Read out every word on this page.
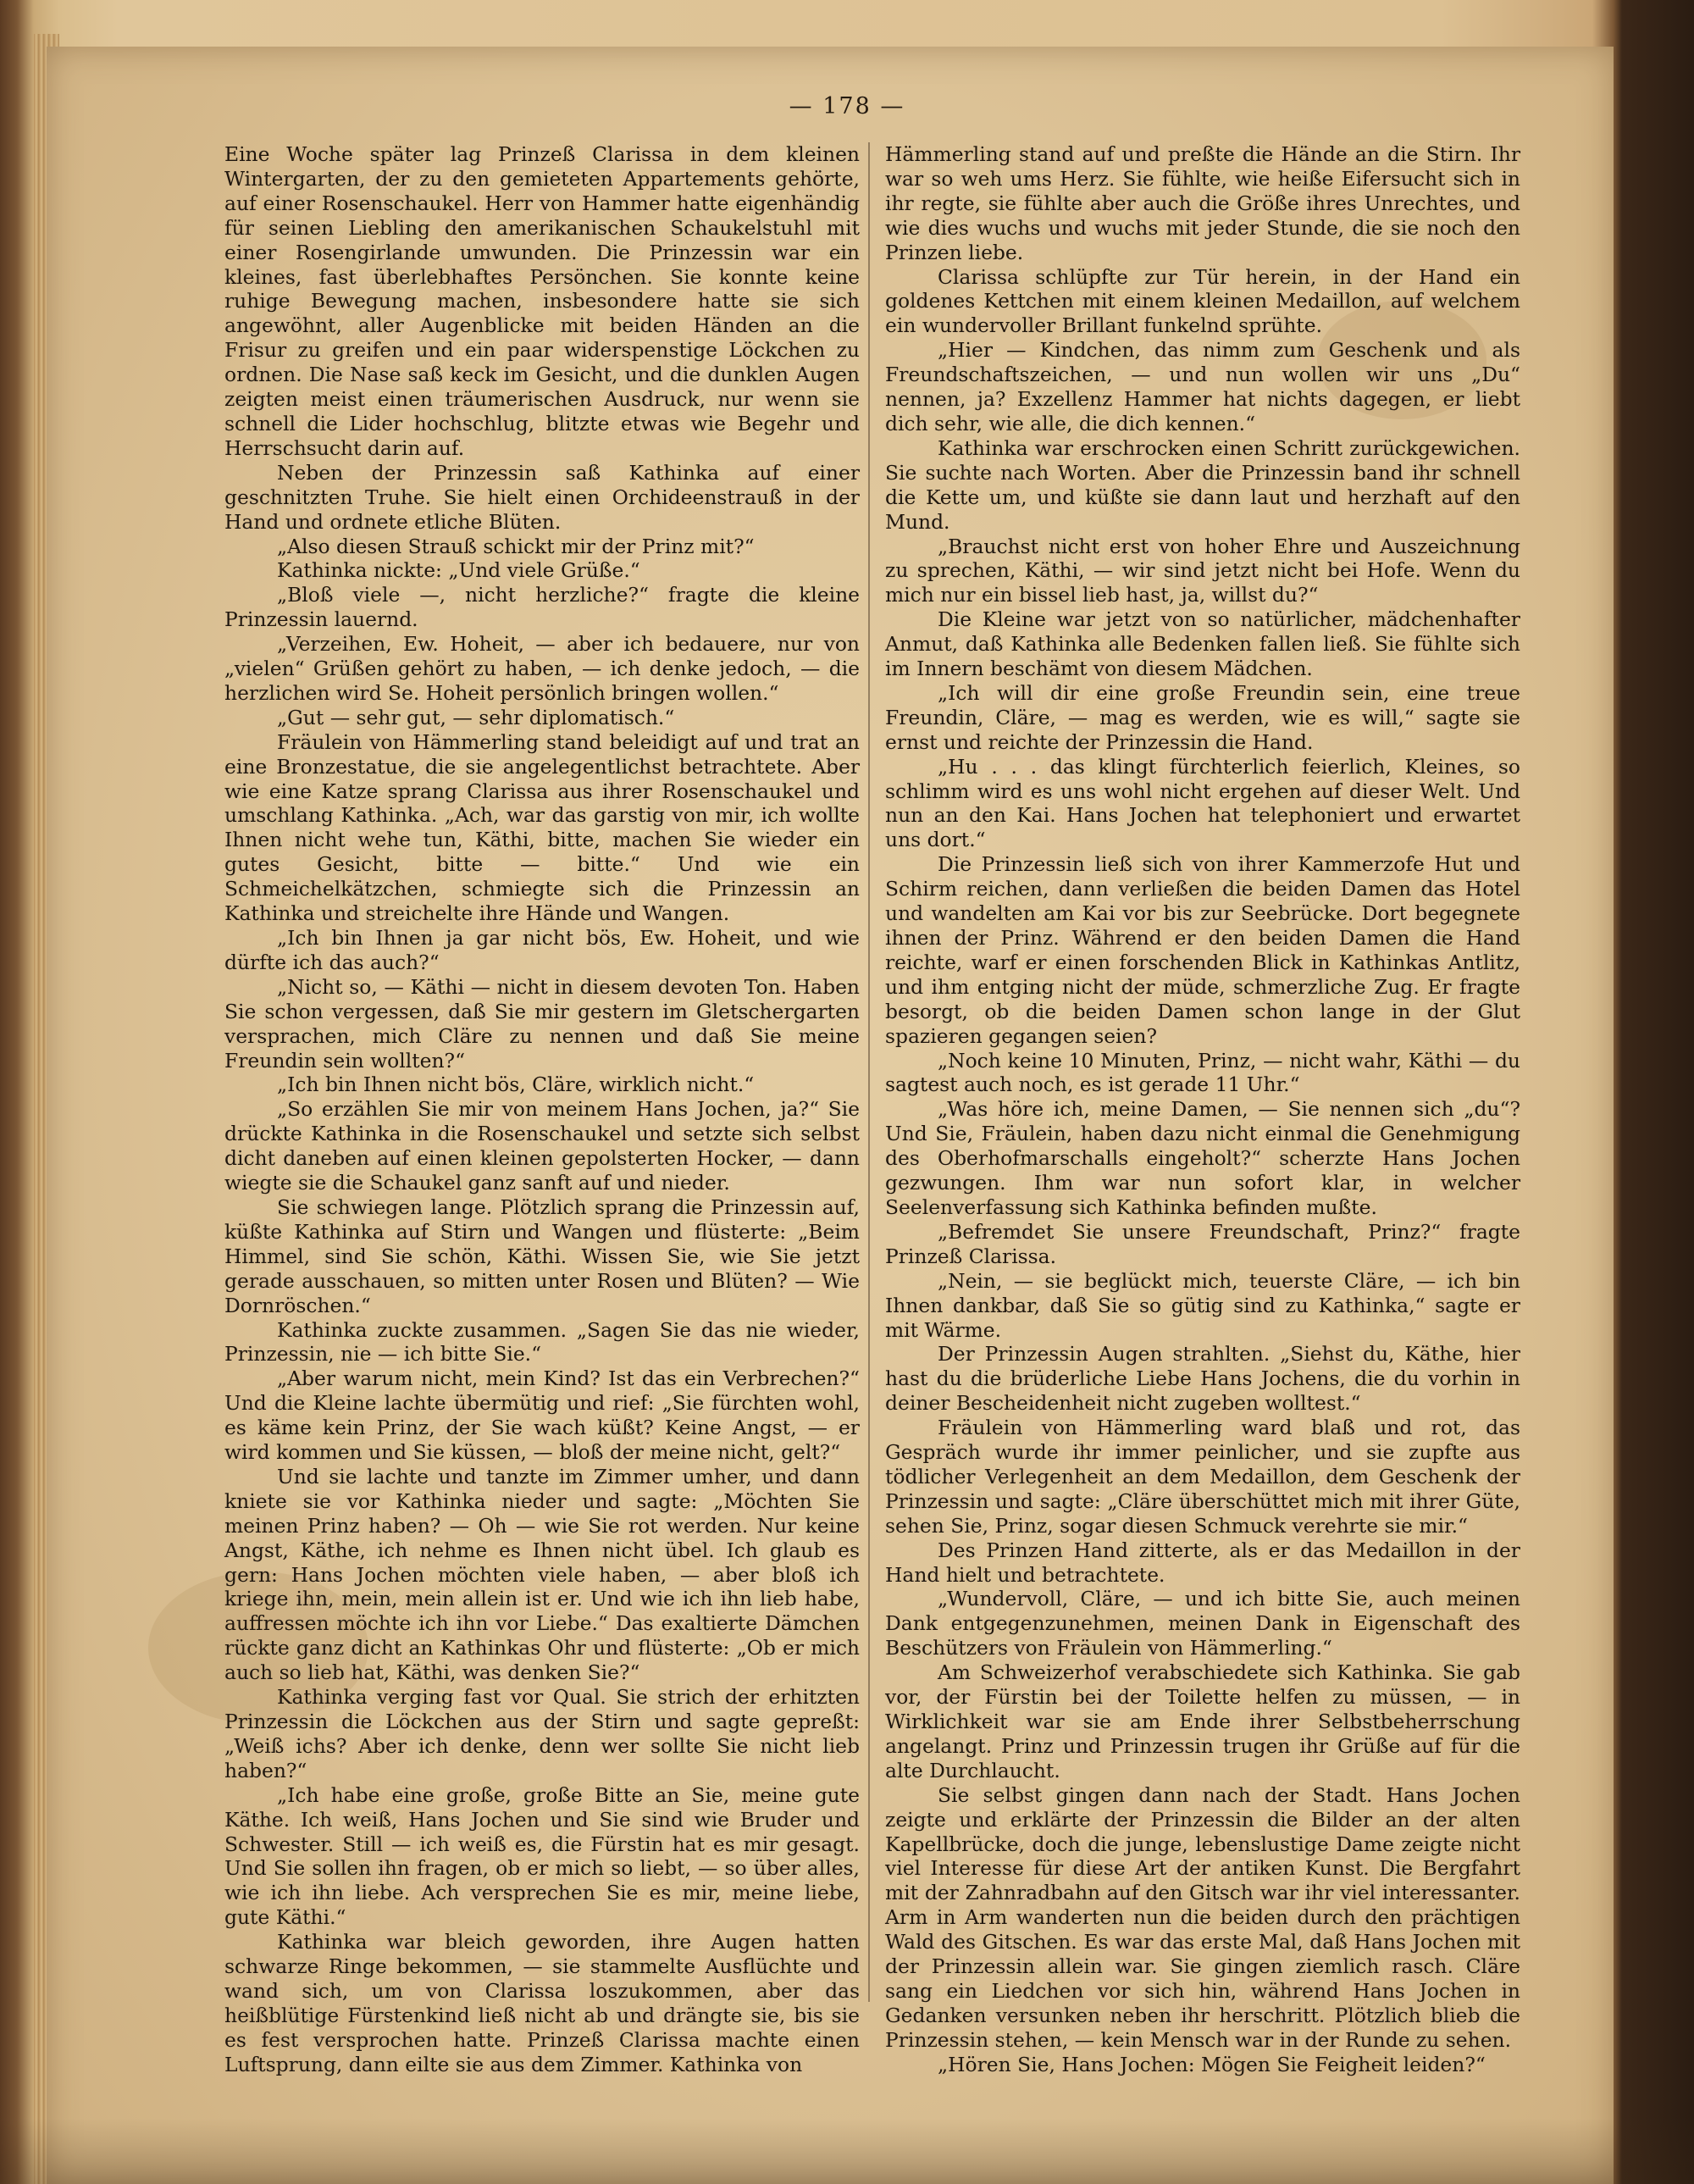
— 178 —

Eine Woche später lag Prinzeß Clarissa in dem kleinen Wintergarten, der zu den gemieteten Appartements gehörte, auf einer Rosenschaukel. Herr von Hammer hatte eigenhändig für seinen Liebling den amerikanischen Schaukelstuhl mit einer Rosengirlande umwunden. Die Prinzessin war ein kleines, fast überlebhaftes Persönchen. Sie konnte keine ruhige Bewegung machen, insbesondere hatte sie sich angewöhnt, aller Augenblicke mit beiden Händen an die Frisur zu greifen und ein paar widerspenstige Löckchen zu ordnen. Die Nase saß keck im Gesicht, und die dunklen Augen zeigten meist einen träumerischen Ausdruck, nur wenn sie schnell die Lider hochschlug, blitzte etwas wie Begehr und Herrschsucht darin auf.

Neben der Prinzessin saß Kathinka auf einer geschnitzten Truhe. Sie hielt einen Orchideenstrauß in der Hand und ordnete etliche Blüten.

„Also diesen Strauß schickt mir der Prinz mit?“

Kathinka nickte: „Und viele Grüße.“

„Bloß viele —, nicht herzliche?“ fragte die kleine Prinzessin lauernd.

„Verzeihen, Ew. Hoheit, — aber ich bedauere, nur von „vielen“ Grüßen gehört zu haben, — ich denke jedoch, — die herzlichen wird Se. Hoheit persönlich bringen wollen.“

„Gut — sehr gut, — sehr diplomatisch.“

Fräulein von Hämmerling stand beleidigt auf und trat an eine Bronzestatue, die sie angelegentlichst betrachtete. Aber wie eine Katze sprang Clarissa aus ihrer Rosenschaukel und umschlang Kathinka. „Ach, war das garstig von mir, ich wollte Ihnen nicht wehe tun, Käthi, bitte, machen Sie wieder ein gutes Gesicht, bitte — bitte.“ Und wie ein Schmeichelkätzchen, schmiegte sich die Prinzessin an Kathinka und streichelte ihre Hände und Wangen.

„Ich bin Ihnen ja gar nicht bös, Ew. Hoheit, und wie dürfte ich das auch?“

„Nicht so, — Käthi — nicht in diesem devoten Ton. Haben Sie schon vergessen, daß Sie mir gestern im Gletschergarten versprachen, mich Cläre zu nennen und daß Sie meine Freundin sein wollten?“

„Ich bin Ihnen nicht bös, Cläre, wirklich nicht.“

„So erzählen Sie mir von meinem Hans Jochen, ja?“ Sie drückte Kathinka in die Rosenschaukel und setzte sich selbst dicht daneben auf einen kleinen gepolsterten Hocker, — dann wiegte sie die Schaukel ganz sanft auf und nieder.

Sie schwiegen lange. Plötzlich sprang die Prinzessin auf, küßte Kathinka auf Stirn und Wangen und flüsterte: „Beim Himmel, sind Sie schön, Käthi. Wissen Sie, wie Sie jetzt gerade ausschauen, so mitten unter Rosen und Blüten? — Wie Dornröschen.“

Kathinka zuckte zusammen. „Sagen Sie das nie wieder, Prinzessin, nie — ich bitte Sie.“

„Aber warum nicht, mein Kind? Ist das ein Verbrechen?“ Und die Kleine lachte übermütig und rief: „Sie fürchten wohl, es käme kein Prinz, der Sie wach küßt? Keine Angst, — er wird kommen und Sie küssen, — bloß der meine nicht, gelt?“

Und sie lachte und tanzte im Zimmer umher, und dann kniete sie vor Kathinka nieder und sagte: „Möchten Sie meinen Prinz haben? — Oh — wie Sie rot werden. Nur keine Angst, Käthe, ich nehme es Ihnen nicht übel. Ich glaub es gern: Hans Jochen möchten viele haben, — aber bloß ich kriege ihn, mein, mein allein ist er. Und wie ich ihn lieb habe, auffressen möchte ich ihn vor Liebe.“ Das exaltierte Dämchen rückte ganz dicht an Kathinkas Ohr und flüsterte: „Ob er mich auch so lieb hat, Käthi, was denken Sie?“

Kathinka verging fast vor Qual. Sie strich der erhitzten Prinzessin die Löckchen aus der Stirn und sagte gepreßt: „Weiß ichs? Aber ich denke, denn wer sollte Sie nicht lieb haben?“

„Ich habe eine große, große Bitte an Sie, meine gute Käthe. Ich weiß, Hans Jochen und Sie sind wie Bruder und Schwester. Still — ich weiß es, die Fürstin hat es mir gesagt. Und Sie sollen ihn fragen, ob er mich so liebt, — so über alles, wie ich ihn liebe. Ach versprechen Sie es mir, meine liebe, gute Käthi.“

Kathinka war bleich geworden, ihre Augen hatten schwarze Ringe bekommen, — sie stammelte Ausflüchte und wand sich, um von Clarissa loszukommen, aber das heißblütige Fürstenkind ließ nicht ab und drängte sie, bis sie es fest versprochen hatte. Prinzeß Clarissa machte einen Luftsprung, dann eilte sie aus dem Zimmer. Kathinka von

Hämmerling stand auf und preßte die Hände an die Stirn. Ihr war so weh ums Herz. Sie fühlte, wie heiße Eifersucht sich in ihr regte, sie fühlte aber auch die Größe ihres Unrechtes, und wie dies wuchs und wuchs mit jeder Stunde, die sie noch den Prinzen liebe.

Clarissa schlüpfte zur Tür herein, in der Hand ein goldenes Kettchen mit einem kleinen Medaillon, auf welchem ein wundervoller Brillant funkelnd sprühte.

„Hier — Kindchen, das nimm zum Geschenk und als Freundschaftszeichen, — und nun wollen wir uns „Du“ nennen, ja? Exzellenz Hammer hat nichts dagegen, er liebt dich sehr, wie alle, die dich kennen.“

Kathinka war erschrocken einen Schritt zurückgewichen. Sie suchte nach Worten. Aber die Prinzessin band ihr schnell die Kette um, und küßte sie dann laut und herzhaft auf den Mund.

„Brauchst nicht erst von hoher Ehre und Auszeichnung zu sprechen, Käthi, — wir sind jetzt nicht bei Hofe. Wenn du mich nur ein bissel lieb hast, ja, willst du?“

Die Kleine war jetzt von so natürlicher, mädchenhafter Anmut, daß Kathinka alle Bedenken fallen ließ. Sie fühlte sich im Innern beschämt von diesem Mädchen.

„Ich will dir eine große Freundin sein, eine treue Freundin, Cläre, — mag es werden, wie es will,“ sagte sie ernst und reichte der Prinzessin die Hand.

„Hu . . . das klingt fürchterlich feierlich, Kleines, so schlimm wird es uns wohl nicht ergehen auf dieser Welt. Und nun an den Kai. Hans Jochen hat telephoniert und erwartet uns dort.“

Die Prinzessin ließ sich von ihrer Kammerzofe Hut und Schirm reichen, dann verließen die beiden Damen das Hotel und wandelten am Kai vor bis zur Seebrücke. Dort begegnete ihnen der Prinz. Während er den beiden Damen die Hand reichte, warf er einen forschenden Blick in Kathinkas Antlitz, und ihm entging nicht der müde, schmerzliche Zug. Er fragte besorgt, ob die beiden Damen schon lange in der Glut spazieren gegangen seien?

„Noch keine 10 Minuten, Prinz, — nicht wahr, Käthi — du sagtest auch noch, es ist gerade 11 Uhr.“

„Was höre ich, meine Damen, — Sie nennen sich „du“? Und Sie, Fräulein, haben dazu nicht einmal die Genehmigung des Oberhofmarschalls eingeholt?“ scherzte Hans Jochen gezwungen. Ihm war nun sofort klar, in welcher Seelenverfassung sich Kathinka befinden mußte.

„Befremdet Sie unsere Freundschaft, Prinz?“ fragte Prinzeß Clarissa.

„Nein, — sie beglückt mich, teuerste Cläre, — ich bin Ihnen dankbar, daß Sie so gütig sind zu Kathinka,“ sagte er mit Wärme.

Der Prinzessin Augen strahlten. „Siehst du, Käthe, hier hast du die brüderliche Liebe Hans Jochens, die du vorhin in deiner Bescheidenheit nicht zugeben wolltest.“

Fräulein von Hämmerling ward blaß und rot, das Gespräch wurde ihr immer peinlicher, und sie zupfte aus tödlicher Verlegenheit an dem Medaillon, dem Geschenk der Prinzessin und sagte: „Cläre überschüttet mich mit ihrer Güte, sehen Sie, Prinz, sogar diesen Schmuck verehrte sie mir.“

Des Prinzen Hand zitterte, als er das Medaillon in der Hand hielt und betrachtete.

„Wundervoll, Cläre, — und ich bitte Sie, auch meinen Dank entgegenzunehmen, meinen Dank in Eigenschaft des Beschützers von Fräulein von Hämmerling.“

Am Schweizerhof verabschiedete sich Kathinka. Sie gab vor, der Fürstin bei der Toilette helfen zu müssen, — in Wirklichkeit war sie am Ende ihrer Selbstbeherrschung angelangt. Prinz und Prinzessin trugen ihr Grüße auf für die alte Durchlaucht.

Sie selbst gingen dann nach der Stadt. Hans Jochen zeigte und erklärte der Prinzessin die Bilder an der alten Kapellbrücke, doch die junge, lebenslustige Dame zeigte nicht viel Interesse für diese Art der antiken Kunst. Die Bergfahrt mit der Zahnradbahn auf den Gitsch war ihr viel interessanter. Arm in Arm wanderten nun die beiden durch den prächtigen Wald des Gitschen. Es war das erste Mal, daß Hans Jochen mit der Prinzessin allein war. Sie gingen ziemlich rasch. Cläre sang ein Liedchen vor sich hin, während Hans Jochen in Gedanken versunken neben ihr herschritt. Plötzlich blieb die Prinzessin stehen, — kein Mensch war in der Runde zu sehen.

„Hören Sie, Hans Jochen: Mögen Sie Feigheit leiden?“
